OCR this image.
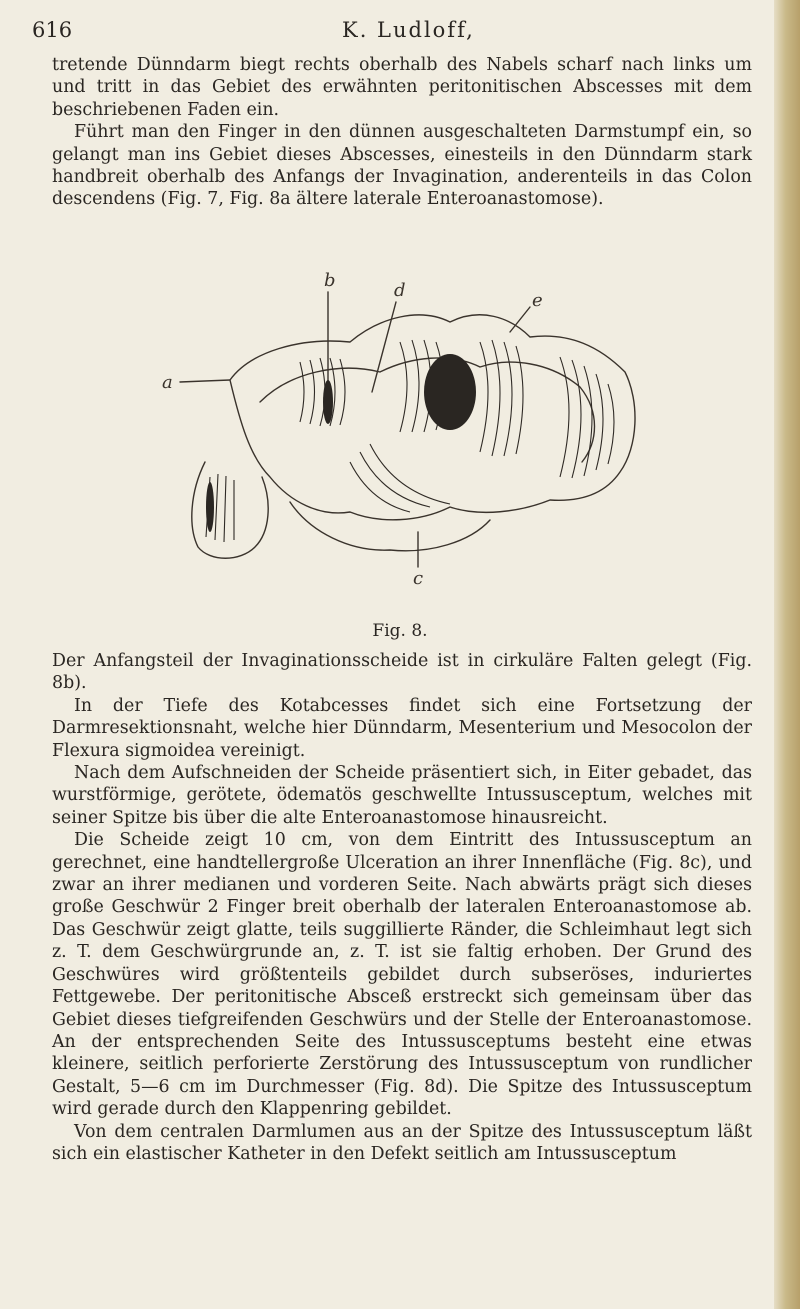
616	K. Ludloff,

tretende Dünndarm biegt rechts oberhalb des Nabels scharf nach links um und tritt in das Gebiet des erwähnten peritonitischen Abscesses mit dem beschriebenen Faden ein.

Führt man den Finger in den dünnen ausgeschalteten Darmstumpf ein, so gelangt man ins Gebiet dieses Abscesses, einesteils in den Dünndarm stark handbreit oberhalb des Anfangs der Invagination, anderenteils in das Colon descendens (Fig. 7, Fig. 8a ältere laterale Enteroanastomose).

a
b	d	e
c
Fig. 8.

Der Anfangsteil der Invaginationsscheide ist in cirkuläre Falten gelegt (Fig. 8b).

In der Tiefe des Kotabcesses findet sich eine Fortsetzung der Darmresektionsnaht, welche hier Dünndarm, Mesenterium und Mesocolon der Flexura sigmoidea vereinigt.

Nach dem Aufschneiden der Scheide präsentiert sich, in Eiter gebadet, das wurstförmige, gerötete, ödematös geschwellte Intussusceptum, welches mit seiner Spitze bis über die alte Enteroanastomose hinausreicht.

Die Scheide zeigt 10 cm, von dem Eintritt des Intussusceptum an gerechnet, eine handtellergroße Ulceration an ihrer Innenfläche (Fig. 8c), und zwar an ihrer medianen und vorderen Seite. Nach abwärts prägt sich dieses große Geschwür 2 Finger breit oberhalb der lateralen Enteroanastomose ab. Das Geschwür zeigt glatte, teils suggillierte Ränder, die Schleimhaut legt sich z. T. dem Geschwürgrunde an, z. T. ist sie faltig erhoben. Der Grund des Geschwüres wird größtenteils gebildet durch subseröses, induriertes Fettgewebe. Der peritonitische Absceß erstreckt sich gemeinsam über das Gebiet dieses tiefgreifenden Geschwürs und der Stelle der Enteroanastomose. An der entsprechenden Seite des Intussusceptums besteht eine etwas kleinere, seitlich perforierte Zerstörung des Intussusceptum von rundlicher Gestalt, 5—6 cm im Durchmesser (Fig. 8d). Die Spitze des Intussusceptum wird gerade durch den Klappenring gebildet.

Von dem centralen Darmlumen aus an der Spitze des Intussusceptum läßt sich ein elastischer Katheter in den Defekt seitlich am Intussusceptum
